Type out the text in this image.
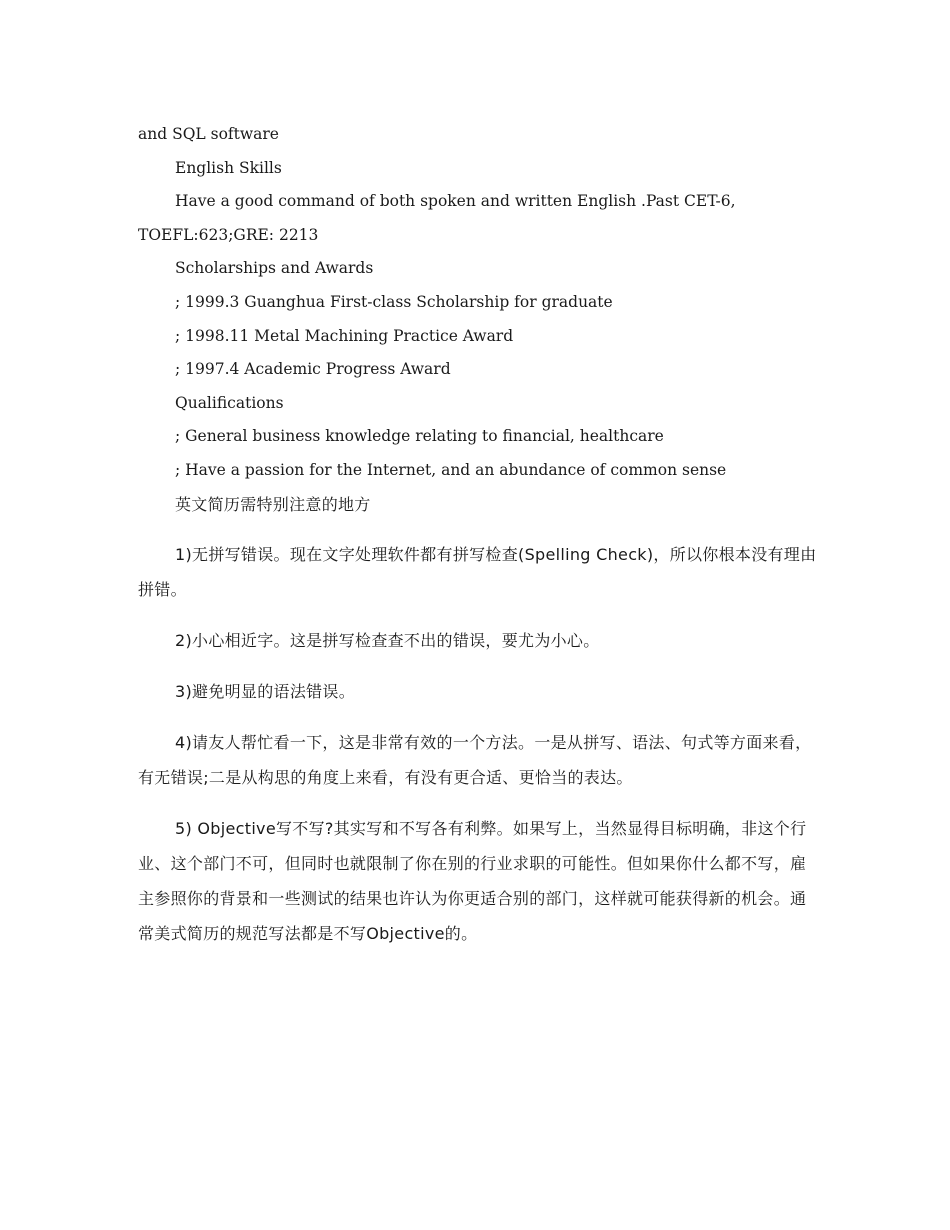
and SQL software

English Skills

Have a good command of both spoken and written English .Past CET-6,

TOEFL:623;GRE: 2213

Scholarships and Awards

; 1999.3 Guanghua First-class Scholarship for graduate

; 1998.11 Metal Machining Practice Award

; 1997.4 Academic Progress Award

Qualifications

; General business knowledge relating to financial, healthcare

; Have a passion for the Internet, and an abundance of common sense

英文简历需特别注意的地方

1)无拼写错误。现在文字处理软件都有拼写检查(Spelling Check)，所以你根本没有理由拼错。

2)小心相近字。这是拼写检查查不出的错误，要尤为小心。

3)避免明显的语法错误。

4)请友人帮忙看一下，这是非常有效的一个方法。一是从拼写、语法、句式等方面来看，有无错误;二是从构思的角度上来看，有没有更合适、更恰当的表达。

5) Objective写不写?其实写和不写各有利弊。如果写上，当然显得目标明确，非这个行业、这个部门不可，但同时也就限制了你在别的行业求职的可能性。但如果你什么都不写，雇主参照你的背景和一些测试的结果也许认为你更适合别的部门，这样就可能获得新的机会。通常美式简历的规范写法都是不写Objective的。
